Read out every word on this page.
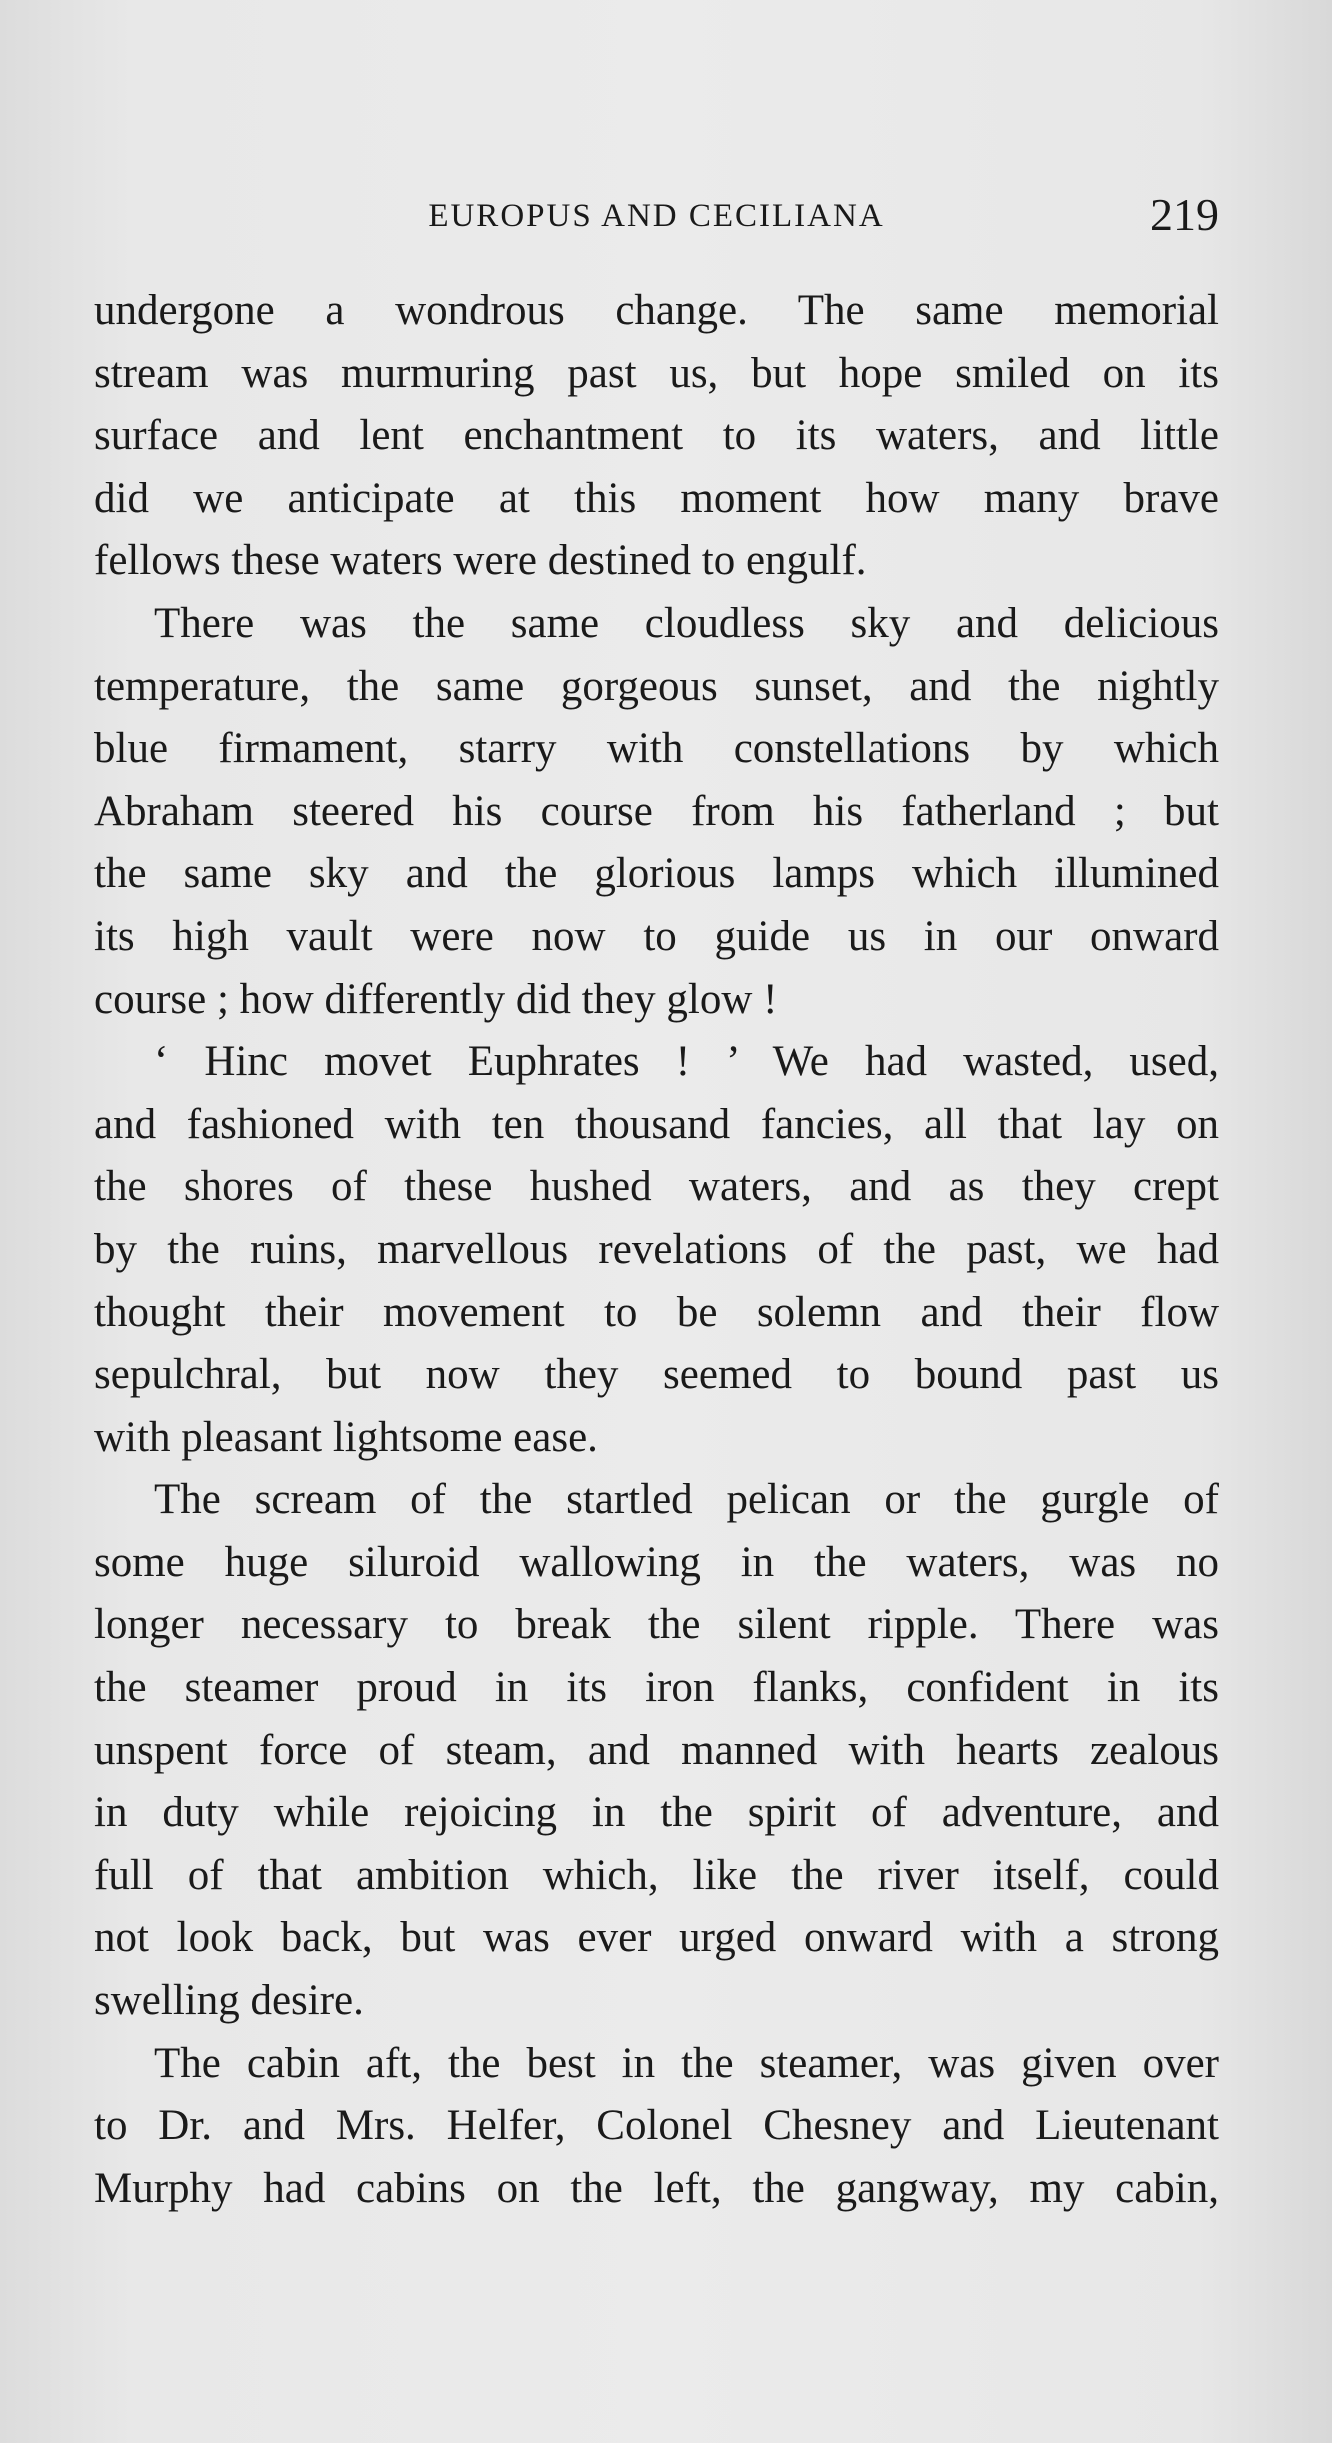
EUROPUS AND CECILIANA	219
undergone a wondrous change. The same memorial
stream was murmuring past us, but hope smiled on its
surface and lent enchantment to its waters, and little
did we anticipate at this moment how many brave
fellows these waters were destined to engulf.
There was the same cloudless sky and delicious
temperature, the same gorgeous sunset, and the nightly
blue firmament, starry with constellations by which
Abraham steered his course from his fatherland ; but
the same sky and the glorious lamps which illumined
its high vault were now to guide us in our onward
course ; how differently did they glow !
‘ Hinc movet Euphrates ! ’ We had wasted, used,
and fashioned with ten thousand fancies, all that lay on
the shores of these hushed waters, and as they crept
by the ruins, marvellous revelations of the past, we had
thought their movement to be solemn and their flow
sepulchral, but now they seemed to bound past us
with pleasant lightsome ease.
The scream of the startled pelican or the gurgle of
some huge siluroid wallowing in the waters, was no
longer necessary to break the silent ripple. There was
the steamer proud in its iron flanks, confident in its
unspent force of steam, and manned with hearts zealous
in duty while rejoicing in the spirit of adventure, and
full of that ambition which, like the river itself, could
not look back, but was ever urged onward with a strong
swelling desire.
The cabin aft, the best in the steamer, was given over
to Dr. and Mrs. Helfer, Colonel Chesney and Lieutenant
Murphy had cabins on the left, the gangway, my cabin,
